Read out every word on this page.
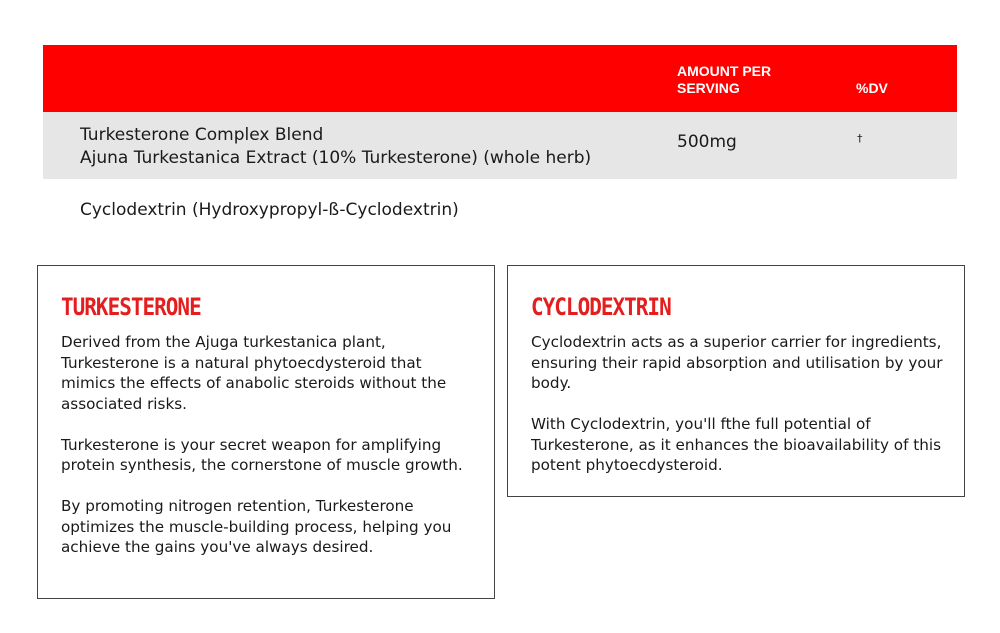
AMOUNT PER SERVING	%DV
Turkesterone Complex Blend
Ajuna Turkestanica Extract (10% Turkesterone) (whole herb)
500mg	†
Cyclodextrin (Hydroxypropyl-ß-Cyclodextrin)
TURKESTERONE

Derived from the Ajuga turkestanica plant, Turkesterone is a natural phytoecdysteroid that mimics the effects of anabolic steroids without the associated risks.

Turkesterone is your secret weapon for amplifying protein synthesis, the cornerstone of muscle growth.

By promoting nitrogen retention, Turkesterone optimizes the muscle-building process, helping you achieve the gains you've always desired.

CYCLODEXTRIN

Cyclodextrin acts as a superior carrier for ingredients, ensuring their rapid absorption and utilisation by your body.

With Cyclodextrin, you'll fthe full potential of Turkesterone, as it enhances the bioavailability of this potent phytoecdysteroid.
